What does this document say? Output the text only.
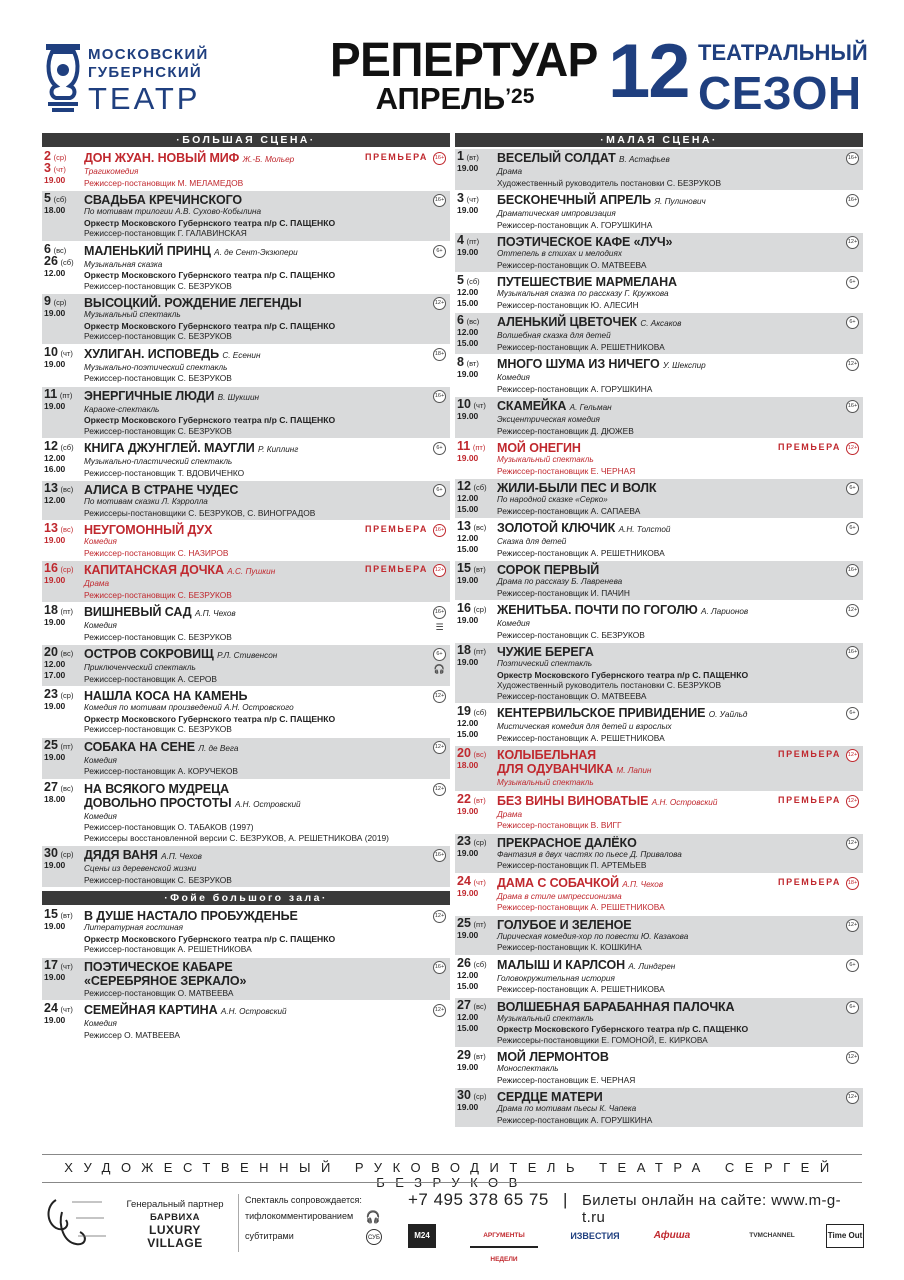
МОСКОВСКИЙ
ГУБЕРНСКИЙ
ТЕАТР
РЕПЕРТУАР
$АПРЕЛЬ^{’25}$ 12 ТЕАТРАЛЬНЫЙ
СЕЗОН
·БОЛЬШАЯ СЦЕНА·
2 (ср)
3 (чт)
19.00
ДОН ЖУАН. НОВЫЙ МИФ Ж.-Б. Мольер
Трагикомедия
Режиссер-постановщик М. МЕЛАМЕДОВ
16+
ПРЕМЬЕРА
5 (сб)
18.00
СВАДЬБА КРЕЧИНСКОГО
По мотивам трилогии А.В. Сухово-Кобылина
Оркестр Московского Губернского театра п/р С. ПАЩЕНКО
Режиссер-постановщик Г. ГАЛАВИНСКАЯ
16+
6 (вс)
26 (сб)
12.00
МАЛЕНЬКИЙ ПРИНЦ А. де Сент-Экзюпери
Музыкальная сказка
Оркестр Московского Губернского театра п/р С. ПАЩЕНКО
Режиссер-постановщик С. БЕЗРУКОВ
6+
9 (ср)
19.00
ВЫСОЦКИЙ. РОЖДЕНИЕ ЛЕГЕНДЫ
Музыкальный спектакль
Оркестр Московского Губернского театра п/р С. ПАЩЕНКО
Режиссер-постановщик С. БЕЗРУКОВ
12+
10 (чт)
19.00
ХУЛИГАН. ИСПОВЕДЬ С. Есенин
Музыкально-поэтический спектакль
Режиссер-постановщик С. БЕЗРУКОВ
18+
11 (пт)
19.00
ЭНЕРГИЧНЫЕ ЛЮДИ В. Шукшин
Караоке-спектакль
Оркестр Московского Губернского театра п/р С. ПАЩЕНКО
Режиссер-постановщик С. БЕЗРУКОВ
16+
12 (сб)
12.00
16.00
КНИГА ДЖУНГЛЕЙ. МАУГЛИ Р. Киплинг
Музыкально-пластический спектакль
Режиссер-постановщик Т. ВДОВИЧЕНКО
6+
13 (вс)
12.00
АЛИСА В СТРАНЕ ЧУДЕС
По мотивам сказки Л. Кэрролла
Режиссеры-постановщики С. БЕЗРУКОВ, С. ВИНОГРАДОВ
6+
13 (вс)
19.00
НЕУГОМОННЫЙ ДУХ
Комедия
Режиссер-постановщик С. НАЗИРОВ
16+
ПРЕМЬЕРА
16 (ср)
19.00
КАПИТАНСКАЯ ДОЧКА А.С. Пушкин
Драма
Режиссер-постановщик С. БЕЗРУКОВ
12+
ПРЕМЬЕРА
18 (пт)
19.00
ВИШНЕВЫЙ САД А.П. Чехов
Комедия
Режиссер-постановщик С. БЕЗРУКОВ
16+
☰
20 (вс)
12.00
17.00
ОСТРОВ СОКРОВИЩ Р.Л. Стивенсон
Приключенческий спектакль
Режиссер-постановщик А. СЕРОВ
6+
🎧
23 (ср)
19.00
НАШЛА КОСА НА КАМЕНЬ
Комедия по мотивам произведений А.Н. Островского
Оркестр Московского Губернского театра п/р С. ПАЩЕНКО
Режиссер-постановщик С. БЕЗРУКОВ
12+
25 (пт)
19.00
СОБАКА НА СЕНЕ Л. де Вега
Комедия
Режиссер-постановщик А. КОРУЧЕКОВ
12+
27 (вс)
18.00
НА ВСЯКОГО МУДРЕЦА
ДОВОЛЬНО ПРОСТОТЫ А.Н. Островский
Комедия
Режиссер-постановщик О. ТАБАКОВ (1997)
Режиссеры восстановленной версии С. БЕЗРУКОВ, А. РЕШЕТНИКОВА (2019)
12+
30 (ср)
19.00
ДЯДЯ ВАНЯ А.П. Чехов
Сцены из деревенской жизни
Режиссер-постановщик С. БЕЗРУКОВ
16+
·Фойе большого зала·
15 (вт)
19.00
В ДУШЕ НАСТАЛО ПРОБУЖДЕНЬЕ
Литературная гостиная
Оркестр Московского Губернского театра п/р С. ПАЩЕНКО
Режиссер-постановщик А. РЕШЕТНИКОВА
12+
17 (чт)
19.00
ПОЭТИЧЕСКОЕ КАБАРЕ
«СЕРЕБРЯНОЕ ЗЕРКАЛО»
Режиссер-постановщик О. МАТВЕЕВА
16+
24 (чт)
19.00
СЕМЕЙНАЯ КАРТИНА А.Н. Островский
Комедия
Режиссер О. МАТВЕЕВА
12+
·МАЛАЯ СЦЕНА·
1 (вт)
19.00
ВЕСЕЛЫЙ СОЛДАТ В. Астафьев
Драма
Художественный руководитель постановки С. БЕЗРУКОВ
16+
3 (чт)
19.00
БЕСКОНЕЧНЫЙ АПРЕЛЬ Я. Пулинович
Драматическая импровизация
Режиссер-постановщик А. ГОРУШКИНА
16+
4 (пт)
19.00
ПОЭТИЧЕСКОЕ КАФЕ «ЛУЧ»
Оттепель в стихах и мелодиях
Режиссер-постановщик О. МАТВЕЕВА
12+
5 (сб)
12.00
15.00
ПУТЕШЕСТВИЕ МАРМЕЛАНА
Музыкальная сказка по рассказу Г. Кружкова
Режиссер-постановщик Ю. АЛЕСИН
6+
6 (вс)
12.00
15.00
АЛЕНЬКИЙ ЦВЕТОЧЕК С. Аксаков
Волшебная сказка для детей
Режиссер-постановщик А. РЕШЕТНИКОВА
6+
8 (вт)
19.00
МНОГО ШУМА ИЗ НИЧЕГО У. Шекспир
Комедия
Режиссер-постановщик А. ГОРУШКИНА
12+
10 (чт)
19.00
СКАМЕЙКА А. Гельман
Эксцентрическая комедия
Режиссер-постановщик Д. ДЮЖЕВ
16+
11 (пт)
19.00
МОЙ ОНЕГИН
Музыкальный спектакль
Режиссер-постановщик Е. ЧЕРНАЯ
12+
ПРЕМЬЕРА
12 (сб)
12.00
15.00
ЖИЛИ-БЫЛИ ПЕС И ВОЛК
По народной сказке «Серко»
Режиссер-постановщик А. САПАЕВА
6+
13 (вс)
12.00
15.00
ЗОЛОТОЙ КЛЮЧИК А.Н. Толстой
Сказка для детей
Режиссер-постановщик А. РЕШЕТНИКОВА
6+
15 (вт)
19.00
СОРОК ПЕРВЫЙ
Драма по рассказу Б. Лавренева
Режиссер-постановщик И. ПАЧИН
16+
16 (ср)
19.00
ЖЕНИТЬБА. ПОЧТИ ПО ГОГОЛЮ А. Ларионов
Комедия
Режиссер-постановщик С. БЕЗРУКОВ
12+
18 (пт)
19.00
ЧУЖИЕ БЕРЕГА
Поэтический спектакль
Оркестр Московского Губернского театра п/р С. ПАЩЕНКО
Художественный руководитель постановки С. БЕЗРУКОВ
Режиссер-постановщик О. МАТВЕЕВА
16+
19 (сб)
12.00
15.00
КЕНТЕРВИЛЬСКОЕ ПРИВИДЕНИЕ О. Уайльд
Мистическая комедия для детей и взрослых
Режиссер-постановщик А. РЕШЕТНИКОВА
6+
20 (вс)
18.00
КОЛЫБЕЛЬНАЯ
ДЛЯ ОДУВАНЧИКА М. Лапин
Музыкальный спектакль
12+
ПРЕМЬЕРА
22 (вт)
19.00
БЕЗ ВИНЫ ВИНОВАТЫЕ А.Н. Островский
Драма
Режиссер-постановщик В. ВИГГ
12+
ПРЕМЬЕРА
23 (ср)
19.00
ПРЕКРАСНОЕ ДАЛЁКО
Фантазия в двух частях по пьесе Д. Привалова
Режиссер-постановщик П. АРТЕМЬЕВ
12+
24 (чт)
19.00
ДАМА С СОБАЧКОЙ А.П. Чехов
Драма в стиле импрессионизма
Режиссер-постановщик А. РЕШЕТНИКОВА
18+
ПРЕМЬЕРА
25 (пт)
19.00
ГОЛУБОЕ И ЗЕЛЕНОЕ
Лирическая комедия-хор по повести Ю. Казакова
Режиссер-постановщик К. КОШКИНА
12+
26 (сб)
12.00
15.00
МАЛЫШ И КАРЛСОН А. Линдгрен
Головокружительная история
Режиссер-постановщик А. РЕШЕТНИКОВА
6+
27 (вс)
12.00
15.00
ВОЛШЕБНАЯ БАРАБАННАЯ ПАЛОЧКА
Музыкальный спектакль
Оркестр Московского Губернского театра п/р С. ПАЩЕНКО
Режиссеры-постановщики Е. ГОМОНОЙ, Е. КИРКОВА
6+
29 (вт)
19.00
МОЙ ЛЕРМОНТОВ
Моноспектакль
Режиссер-постановщик Е. ЧЕРНАЯ
12+
30 (ср)
19.00
СЕРДЦЕ МАТЕРИ
Драма по мотивам пьесы К. Чапека
Режиссер-постановщик А. ГОРУШКИНА
12+
ХУДОЖЕСТВЕННЫЙ РУКОВОДИТЕЛЬ ТЕАТРА СЕРГЕЙ БЕЗРУКОВ
Генеральный партнер
БАРВИХА
LUXURY VILLAGE
Спектакль сопровождается:
тифлокомментированием 🎧
субтитрами	СУБ
+7 495 378 65 75 | Билеты онлайн на сайте: www.m-g-t.ru
M24	АРГУМЕНТЫ НЕДЕЛИ
ИЗВЕСТИЯ	Афиша	TVMCHANNEL	Time Out
